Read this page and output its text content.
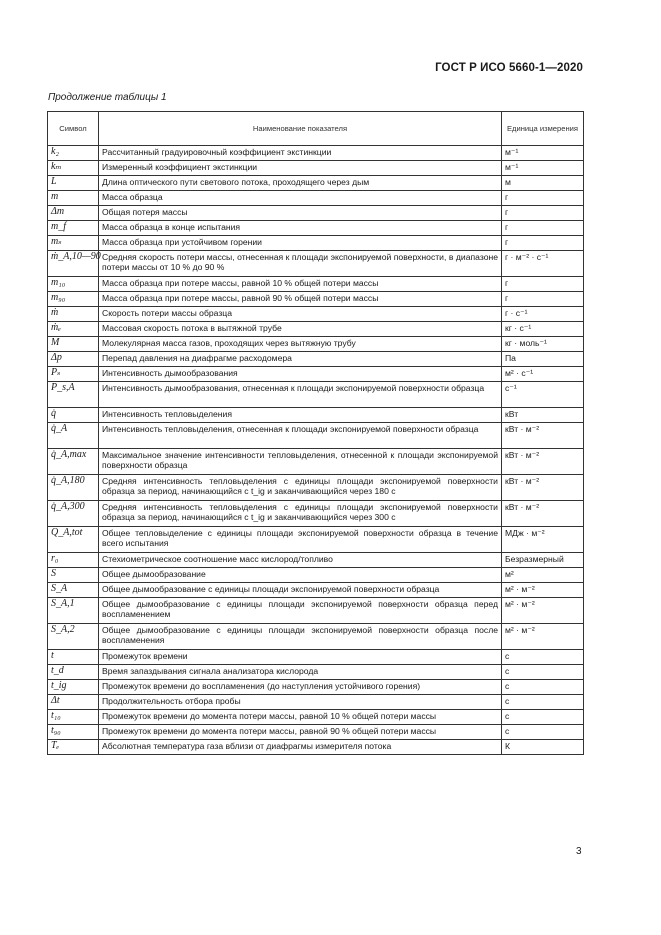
ГОСТ Р ИСО 5660-1—2020
Продолжение таблицы 1
Символ	Наименование показателя	Единица измерения
k₂	Рассчитанный градуировочный коэффициент экстинкции	м⁻¹
kₘ	Измеренный коэффициент экстинкции	м⁻¹
L	Длина оптического пути светового потока, проходящего через дым	м
m	Масса образца	г
Δm	Общая потеря массы	г
m_f	Масса образца в конце испытания	г
mₛ	Масса образца при устойчивом горении	г
ṁ_A,10—90	Средняя скорость потери массы, отнесенная к площади экспонируемой поверхности, в диапазоне потери массы от 10 % до 90 %	г · м⁻² · с⁻¹
m₁₀	Масса образца при потере массы, равной 10 % общей потери массы	г
m₉₀	Масса образца при потере массы, равной 90 % общей потери массы	г
ṁ	Скорость потери массы образца	г · с⁻¹
ṁₑ	Массовая скорость потока в вытяжной трубе	кг · с⁻¹
M	Молекулярная масса газов, проходящих через вытяжную трубу	кг · моль⁻¹
Δp	Перепад давления на диафрагме расходомера	Па
Pₛ	Интенсивность дымообразования	м² · с⁻¹
P_s,A	Интенсивность дымообразования, отнесенная к площади экспонируемой поверхности образца	с⁻¹
q̇	Интенсивность тепловыделения	кВт
q̇_A	Интенсивность тепловыделения, отнесенная к площади экспонируемой поверхности образца	кВт · м⁻²
q̇_A,max	Максимальное значение интенсивности тепловыделения, отнесенной к площади экспонируемой поверхности образца	кВт · м⁻²
q̇_A,180	Средняя интенсивность тепловыделения с единицы площади экспонируемой поверхности образца за период, начинающийся с t_ig и заканчивающийся через 180 с	кВт · м⁻²
q̇_A,300	Средняя интенсивность тепловыделения с единицы площади экспонируемой поверхности образца за период, начинающийся с t_ig и заканчивающийся через 300 с	кВт · м⁻²
Q_A,tot	Общее тепловыделение с единицы площади экспонируемой поверхности образца в течение всего испытания	МДж · м⁻²
r₀	Стехиометрическое соотношение масс кислород/топливо	Безразмерный
S	Общее дымообразование	м²
S_A	Общее дымообразование с единицы площади экспонируемой поверхности образца	м² · м⁻²
S_A,1	Общее дымообразование с единицы площади экспонируемой поверхности образца перед воспламенением	м² · м⁻²
S_A,2	Общее дымообразование с единицы площади экспонируемой поверхности образца после воспламенения	м² · м⁻²
t	Промежуток времени	с
t_d	Время запаздывания сигнала анализатора кислорода	с
t_ig	Промежуток времени до воспламенения (до наступления устойчивого горения)	с
Δt	Продолжительность отбора пробы	с
t₁₀	Промежуток времени до момента потери массы, равной 10 % общей потери массы	с
t₉₀	Промежуток времени до момента потери массы, равной 90 % общей потери массы	с
Tₑ	Абсолютная температура газа вблизи от диафрагмы измерителя потока	К
3
